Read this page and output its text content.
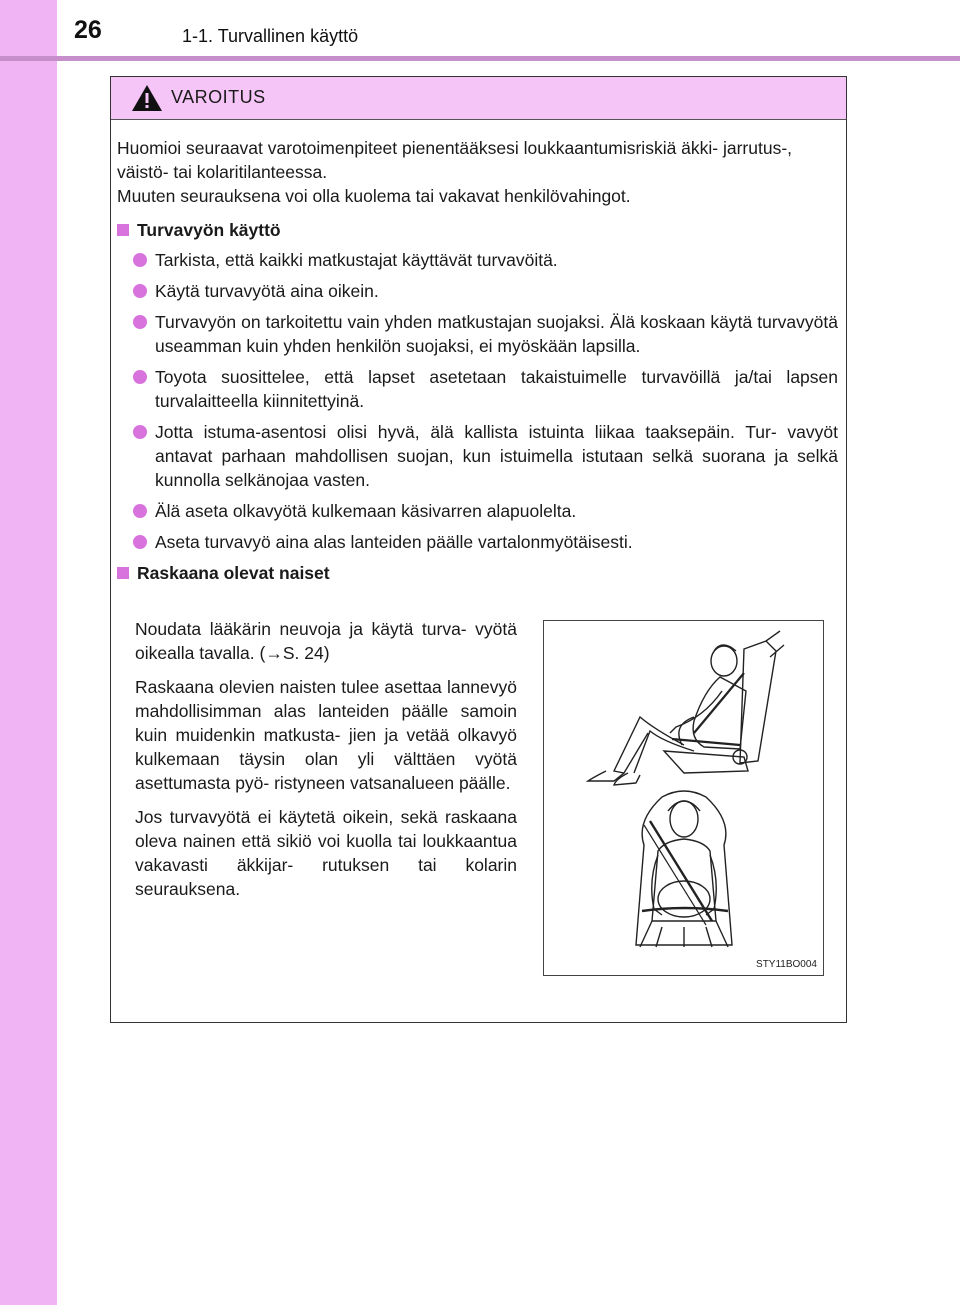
26	1-1. Turvallinen käyttö
VAROITUS

Huomioi seuraavat varotoimenpiteet pienentääksesi loukkaantumisriskiä äkki- jarrutus-, väistö- tai kolaritilanteessa.

Muuten seurauksena voi olla kuolema tai vakavat henkilövahingot.

Turvavyön käyttö
Tarkista, että kaikki matkustajat käyttävät turvavöitä.
Käytä turvavyötä aina oikein.
Turvavyön on tarkoitettu vain yhden matkustajan suojaksi. Älä koskaan käytä turvavyötä useamman kuin yhden henkilön suojaksi, ei myöskään lapsilla.
Toyota suosittelee, että lapset asetetaan takaistuimelle turvavöillä ja/tai lapsen turvalaitteella kiinnitettyinä.
Jotta istuma-asentosi olisi hyvä, älä kallista istuinta liikaa taaksepäin. Tur- vavyöt antavat parhaan mahdollisen suojan, kun istuimella istutaan selkä suorana ja selkä kunnolla selkänojaa vasten.
Älä aseta olkavyötä kulkemaan käsivarren alapuolelta.
Aseta turvavyö aina alas lanteiden päälle vartalonmyötäisesti.
Raskaana olevat naiset

Noudata lääkärin neuvoja ja käytä turva- vyötä oikealla tavalla. (→S. 24)

Raskaana olevien naisten tulee asettaa lannevyö mahdollisimman alas lanteiden päälle samoin kuin muidenkin matkusta- jien ja vetää olkavyö kulkemaan täysin olan yli välttäen vyötä asettumasta pyö- ristyneen vatsanalueen päälle.

Jos turvavyötä ei käytetä oikein, sekä raskaana oleva nainen että sikiö voi kuolla tai loukkaantua vakavasti äkkijar- rutuksen tai kolarin seurauksena.

STY11BO004
